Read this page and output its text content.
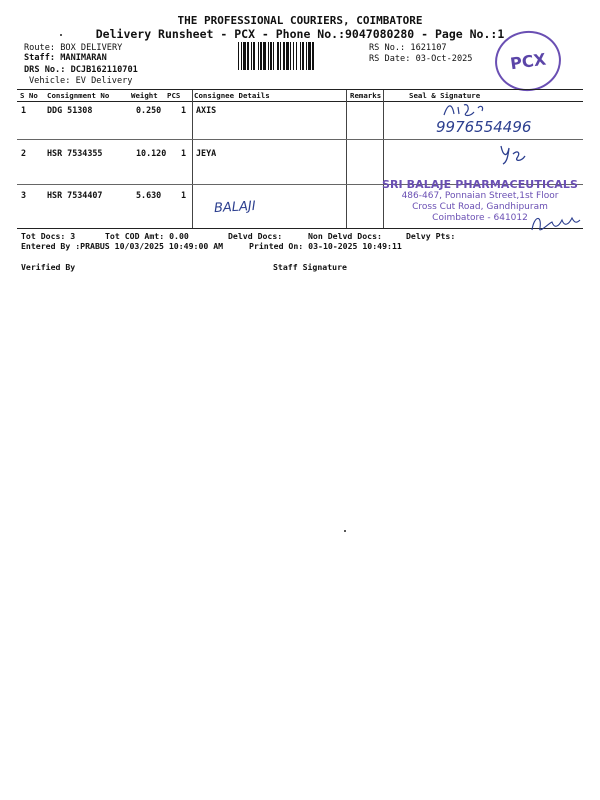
THE PROFESSIONAL COURIERS, COIMBATORE
Delivery Runsheet - PCX - Phone No.:9047080280 - Page No.:1
Route: BOX DELIVERY
Staff: MANIMARAN
DRS No.: DCJB162110701
Vehicle: EV Delivery
RS No.: 1621107
RS Date: 03-Oct-2025	PCX
S No Consignment No	Weight PCS Consignee Details	Remarks	Seal & Signature
1 DDG 51308	0.250 1 AXIS
2 HSR 7534355	10.120 1 JEYA
3 HSR 7534407	5.630 1
9976554496
BALAJI
SRI BALAJE PHARMACEUTICALS
486-467, Ponnaian Street,1st Floor
Cross Cut Road, Gandhipuram
Coimbatore - 641012
Tot Docs: 3	Tot COD Amt: 0.00	Delvd Docs:	Non Delvd Docs:	Delvy Pts:
Entered By :PRABUS 10/03/2025 10:49:00 AM	Printed On: 03-10-2025 10:49:11
Verified By	Staff Signature
